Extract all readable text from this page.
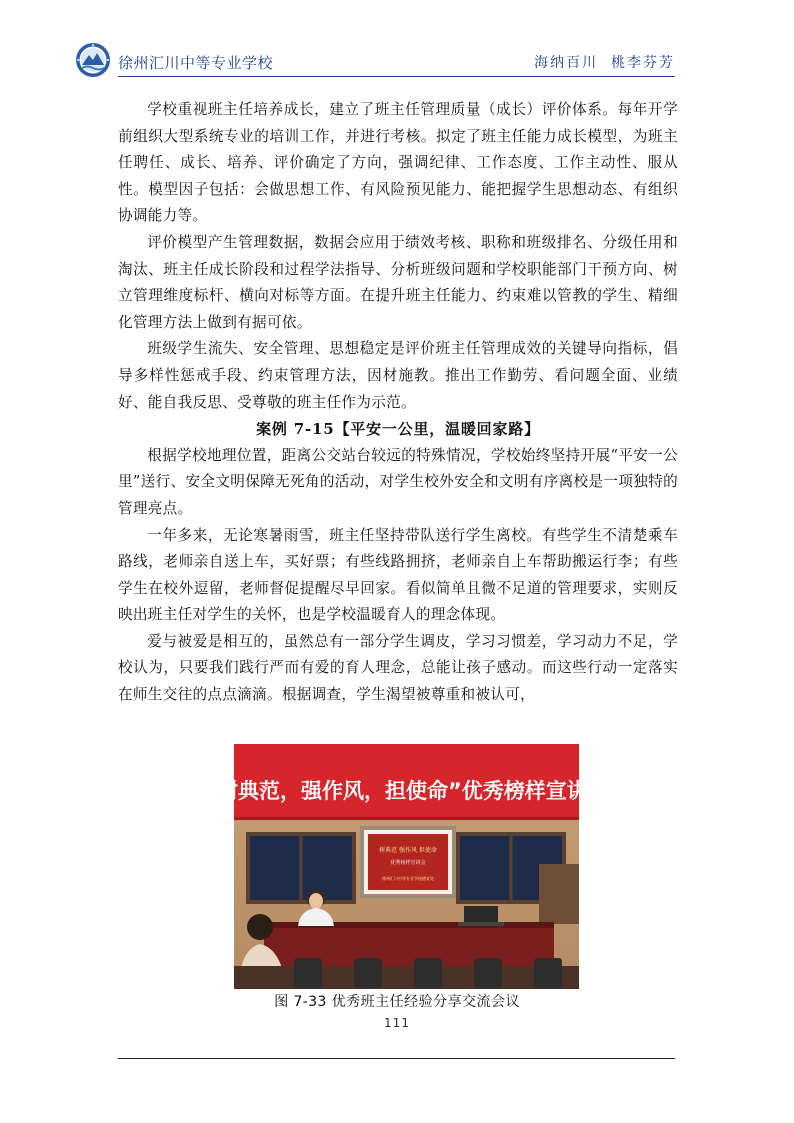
徐州汇川中等专业学校	海纳百川  桃李芬芳

学校重视班主任培养成长，建立了班主任管理质量（成长）评价体系。每年开学前组织大型系统专业的培训工作，并进行考核。拟定了班主任能力成长模型，为班主任聘任、成长、培养、评价确定了方向，强调纪律、工作态度、工作主动性、服从性。模型因子包括：会做思想工作、有风险预见能力、能把握学生思想动态、有组织协调能力等。

评价模型产生管理数据，数据会应用于绩效考核、职称和班级排名、分级任用和淘汰、班主任成长阶段和过程学法指导、分析班级问题和学校职能部门干预方向、树立管理维度标杆、横向对标等方面。在提升班主任能力、约束难以管教的学生、精细化管理方法上做到有据可依。

班级学生流失、安全管理、思想稳定是评价班主任管理成效的关键导向指标，倡导多样性惩戒手段、约束管理方法，因材施教。推出工作勤劳、看问题全面、业绩好、能自我反思、受尊敬的班主任作为示范。

案例 7-15【平安一公里，温暖回家路】

根据学校地理位置，距离公交站台较远的特殊情况，学校始终坚持开展“平安一公里”送行、安全文明保障无死角的活动，对学生校外安全和文明有序离校是一项独特的管理亮点。

一年多来，无论寒暑雨雪，班主任坚持带队送行学生离校。有些学生不清楚乘车路线，老师亲自送上车，买好票；有些线路拥挤，老师亲自上车帮助搬运行李；有些学生在校外逗留，老师督促提醒尽早回家。看似简单且微不足道的管理要求，实则反映出班主任对学生的关怀，也是学校温暖育人的理念体现。

爱与被爱是相互的，虽然总有一部分学生调皮，学习习惯差，学习动力不足，学校认为，只要我们践行严而有爱的育人理念，总能让孩子感动。而这些行动一定落实在师生交往的点点滴滴。根据调查，学生渴望被尊重和被认可，

“树典范，强作风，担使命”优秀榜样宣讲会
树典范 强作风 担使命
优秀榜样宣讲会
徐州汇川中等专业学校德育处
图 7-33 优秀班主任经验分享交流会议
111
